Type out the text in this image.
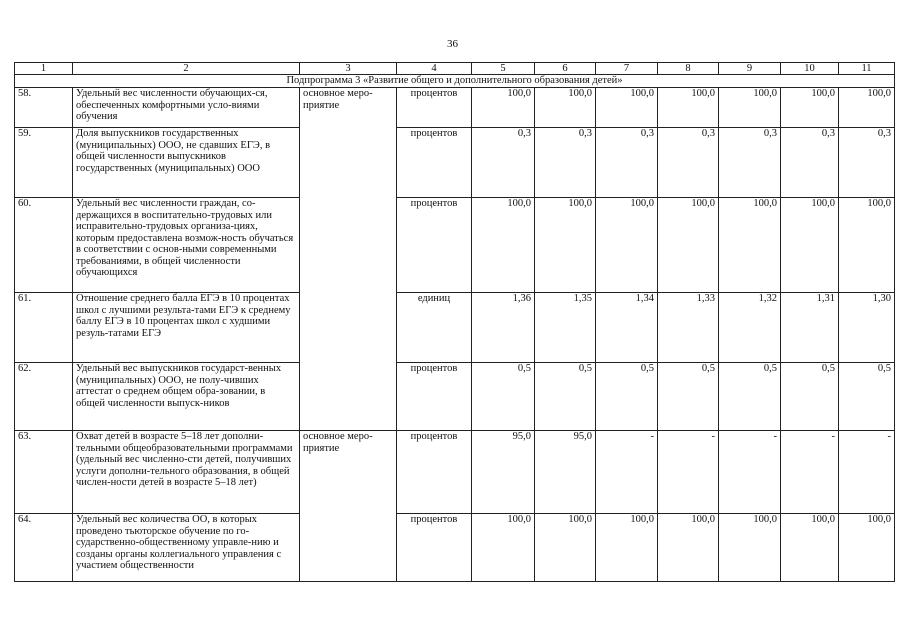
36
1	2	3	4	5	6	7	8	9	10	11
Подпрограмма 3 «Развитие общего и дополнительного образования детей»										
58.	Удельный вес численности обучающих-ся, обеспеченных комфортными усло-виями обучения	основное меро-приятие	процентов	100,0	100,0	100,0	100,0	100,0	100,0	100,0
59.	Доля выпускников государственных (муниципальных) ООО, не сдавших ЕГЭ, в общей численности выпускников государственных (муниципальных) ООО		процентов	0,3	0,3	0,3	0,3	0,3	0,3	0,3
60.	Удельный вес численности граждан, со-держащихся в воспитательно-трудовых или исправительно-трудовых организа-циях, которым предоставлена возмож-ность обучаться в соответствии с основ-ными современными требованиями, в общей численности обучающихся		процентов	100,0	100,0	100,0	100,0	100,0	100,0	100,0
61.	Отношение среднего балла ЕГЭ в 10 процентах школ с лучшими результа-тами ЕГЭ к среднему баллу ЕГЭ в 10 процентах школ с худшими резуль-татами ЕГЭ		единиц	1,36	1,35	1,34	1,33	1,32	1,31	1,30
62.	Удельный вес выпускников государст-венных (муниципальных) ООО, не полу-чивших аттестат о среднем общем обра-зовании, в общей численности выпуск-ников		процентов	0,5	0,5	0,5	0,5	0,5	0,5	0,5
63.	Охват детей в возрасте 5–18 лет дополни-тельными общеобразовательными программами (удельный вес численно-сти детей, получивших услуги дополни-тельного образования, в общей числен-ности детей в возрасте 5–18 лет)	основное меро-приятие	процентов	95,0	95,0	-	-	-	-	-
64.	Удельный вес количества ОО, в которых проведено тьюторское обучение по го-сударственно-общественному управле-нию и созданы органы коллегиального управления с участием общественности		процентов	100,0	100,0	100,0	100,0	100,0	100,0	100,0
